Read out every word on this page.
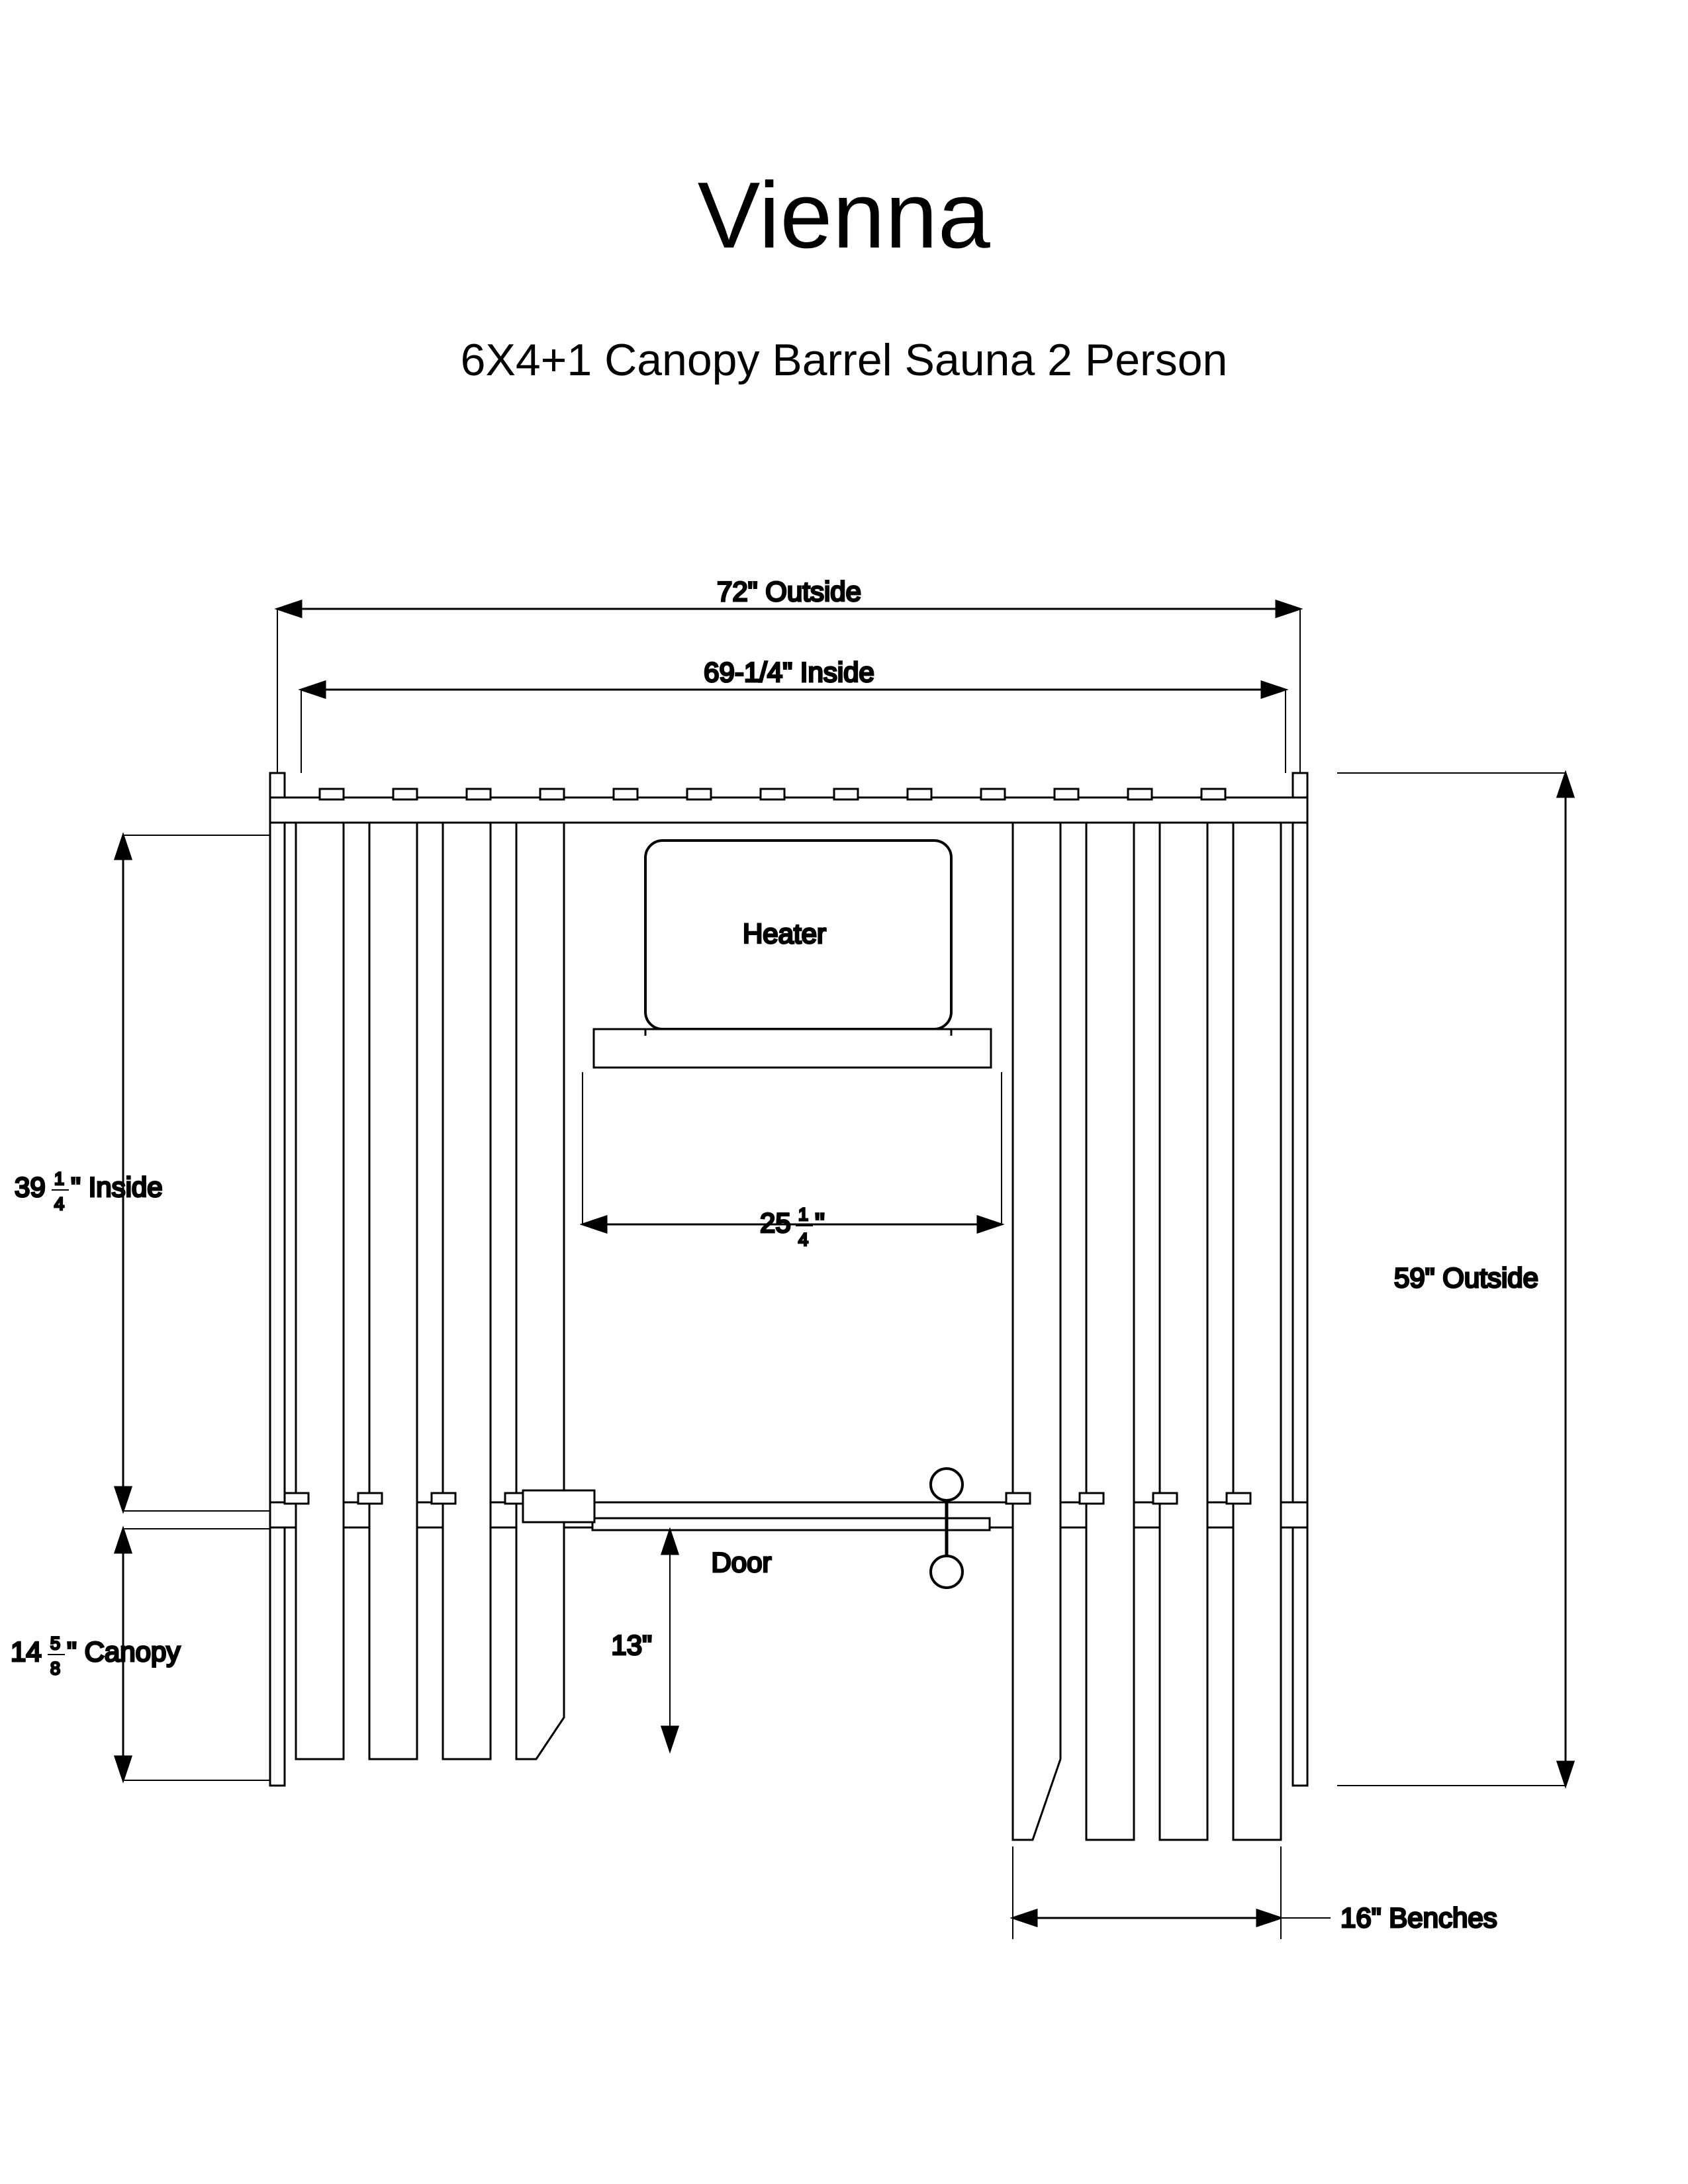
Vienna
6X4+1 Canopy Barrel Sauna 2 Person
Heater
Door
72" Outside
69-1/4" Inside
39 1
4
" Inside
14 5
8
" Canopy
59" Outside
25 1
4
"
13"
16" Benches
